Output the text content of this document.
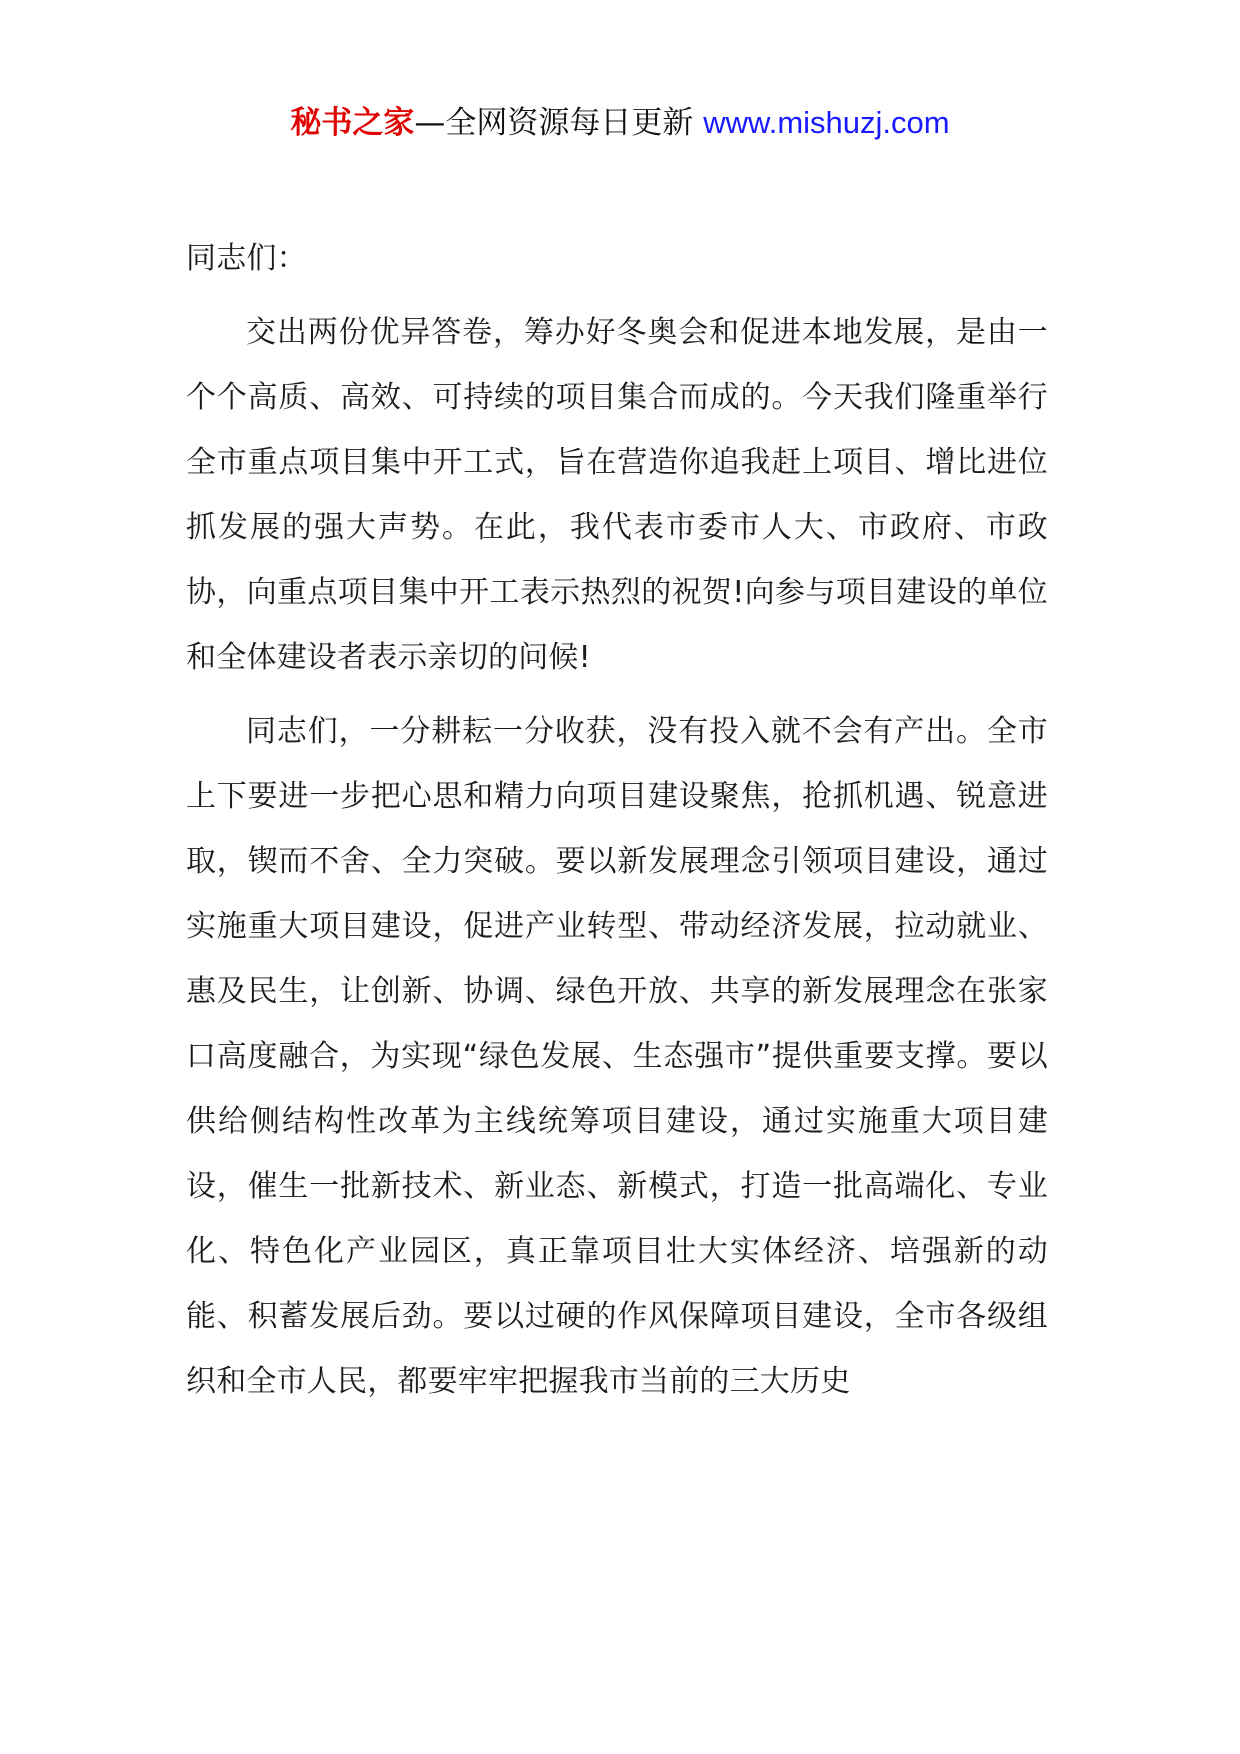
秘书之家—全网资源每日更新 www.mishuzj.com

同志们：

交出两份优异答卷，筹办好冬奥会和促进本地发展，是由一个个高质、高效、可持续的项目集合而成的。今天我们隆重举行全市重点项目集中开工式，旨在营造你追我赶上项目、增比进位抓发展的强大声势。在此，我代表市委市人大、市政府、市政协，向重点项目集中开工表示热烈的祝贺!向参与项目建设的单位和全体建设者表示亲切的问候!

同志们，一分耕耘一分收获，没有投入就不会有产出。全市上下要进一步把心思和精力向项目建设聚焦，抢抓机遇、锐意进取，锲而不舍、全力突破。要以新发展理念引领项目建设，通过实施重大项目建设，促进产业转型、带动经济发展，拉动就业、惠及民生，让创新、协调、绿色开放、共享的新发展理念在张家口高度融合，为实现“绿色发展、生态强市”提供重要支撑。要以供给侧结构性改革为主线统筹项目建设，通过实施重大项目建设，催生一批新技术、新业态、新模式，打造一批高端化、专业化、特色化产业园区，真正靠项目壮大实体经济、培强新的动能、积蓄发展后劲。要以过硬的作风保障项目建设，全市各级组织和全市人民，都要牢牢把握我市当前的三大历史
